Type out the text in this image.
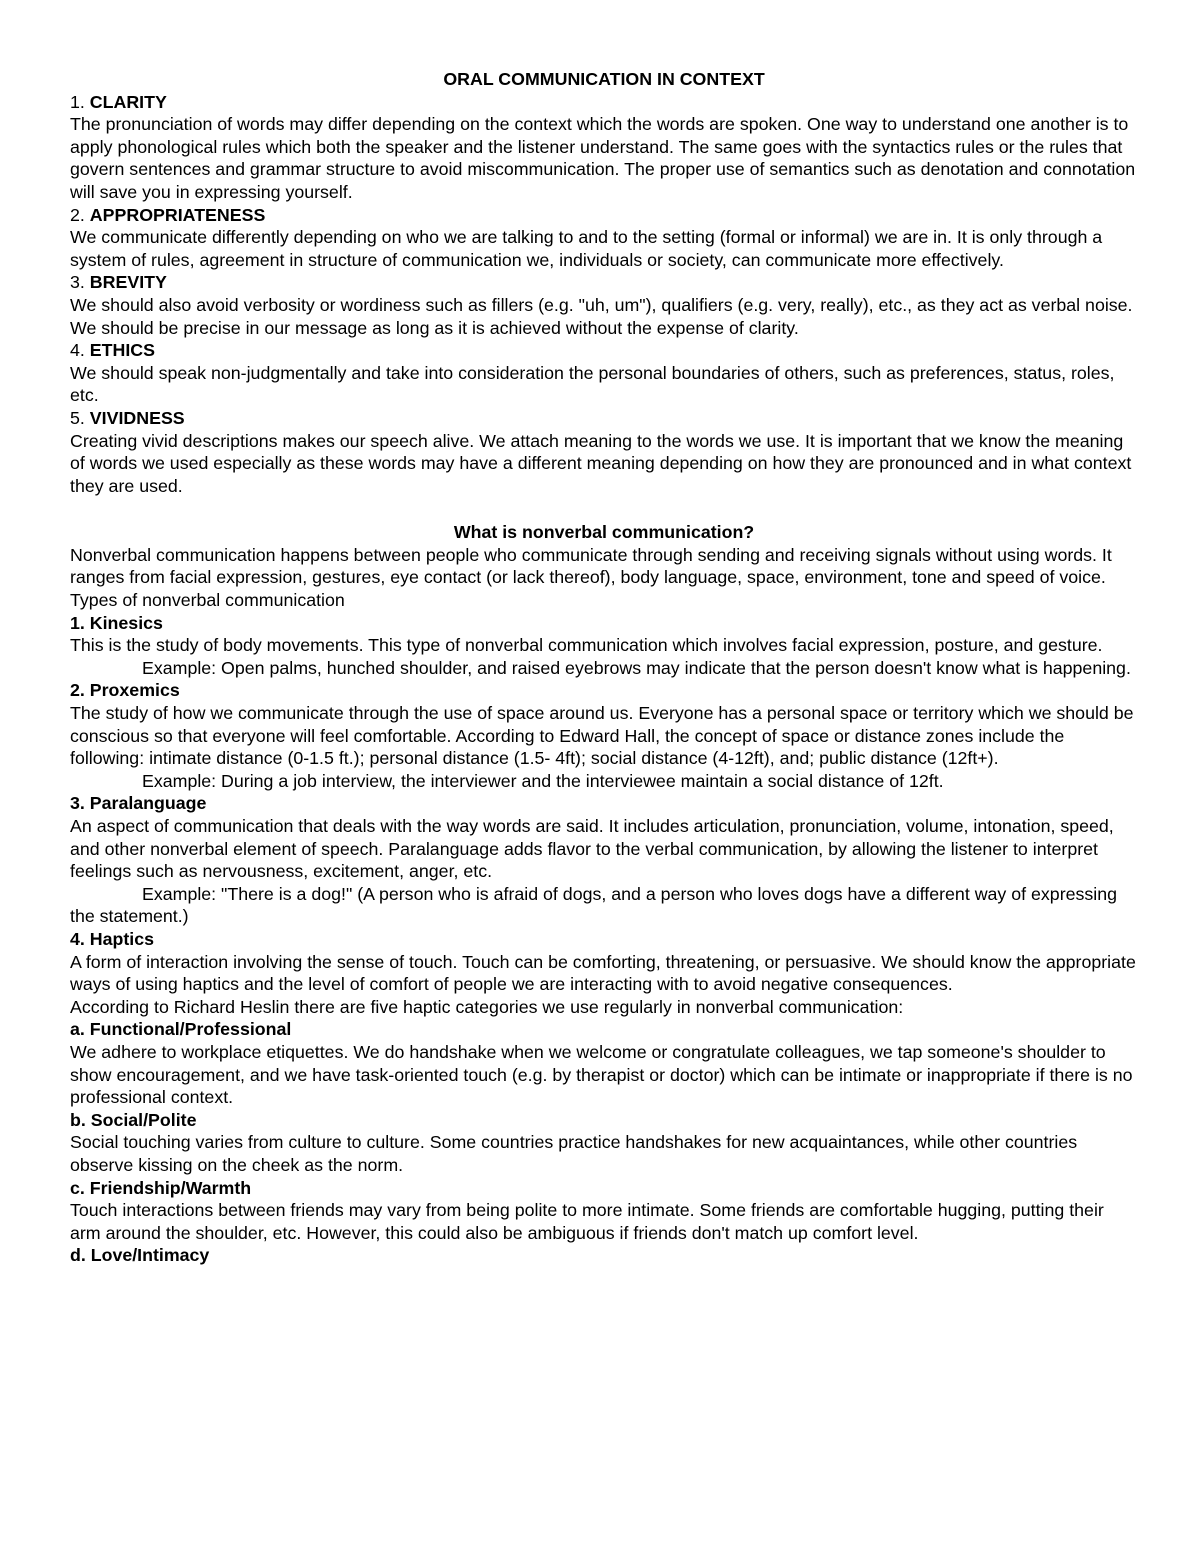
ORAL COMMUNICATION IN CONTEXT
1. CLARITY

The pronunciation of words may differ depending on the context which the words are spoken. One way to understand one another is to apply phonological rules which both the speaker and the listener understand. The same goes with the syntactics rules or the rules that govern sentences and grammar structure to avoid miscommunication. The proper use of semantics such as denotation and connotation will save you in expressing yourself.

2. APPROPRIATENESS

We communicate differently depending on who we are talking to and to the setting (formal or informal) we are in. It is only through a system of rules, agreement in structure of communication we, individuals or society, can communicate more effectively.

3. BREVITY

We should also avoid verbosity or wordiness such as fillers (e.g. "uh, um"), qualifiers (e.g. very, really), etc., as they act as verbal noise. We should be precise in our message as long as it is achieved without the expense of clarity.

4. ETHICS

We should speak non-judgmentally and take into consideration the personal boundaries of others, such as preferences, status, roles, etc.

5. VIVIDNESS

Creating vivid descriptions makes our speech alive. We attach meaning to the words we use. It is important that we know the meaning of words we used especially as these words may have a different meaning depending on how they are pronounced and in what context they are used.

What is nonverbal communication?

Nonverbal communication happens between people who communicate through sending and receiving signals without using words. It ranges from facial expression, gestures, eye contact (or lack thereof), body language, space, environment, tone and speed of voice.

Types of nonverbal communication

1. Kinesics

This is the study of body movements. This type of nonverbal communication which involves facial expression, posture, and gesture.

Example: Open palms, hunched shoulder, and raised eyebrows may indicate that the person doesn't know what is happening.

2. Proxemics

The study of how we communicate through the use of space around us. Everyone has a personal space or territory which we should be conscious so that everyone will feel comfortable. According to Edward Hall, the concept of space or distance zones include the following: intimate distance (0-1.5 ft.); personal distance (1.5- 4ft); social distance (4-12ft), and; public distance (12ft+).

Example: During a job interview, the interviewer and the interviewee maintain a social distance of 12ft.

3. Paralanguage

An aspect of communication that deals with the way words are said. It includes articulation, pronunciation, volume, intonation, speed, and other nonverbal element of speech. Paralanguage adds flavor to the verbal communication, by allowing the listener to interpret feelings such as nervousness, excitement, anger, etc.

Example: "There is a dog!" (A person who is afraid of dogs, and a person who loves dogs have a different way of expressing the statement.)

4. Haptics

A form of interaction involving the sense of touch. Touch can be comforting, threatening, or persuasive. We should know the appropriate ways of using haptics and the level of comfort of people we are interacting with to avoid negative consequences.

According to Richard Heslin there are five haptic categories we use regularly in nonverbal communication:

a. Functional/Professional

We adhere to workplace etiquettes. We do handshake when we welcome or congratulate colleagues, we tap someone's shoulder to show encouragement, and we have task-oriented touch (e.g. by therapist or doctor) which can be intimate or inappropriate if there is no professional context.

b. Social/Polite

Social touching varies from culture to culture. Some countries practice handshakes for new acquaintances, while other countries observe kissing on the cheek as the norm.

c. Friendship/Warmth

Touch interactions between friends may vary from being polite to more intimate. Some friends are comfortable hugging, putting their arm around the shoulder, etc. However, this could also be ambiguous if friends don't match up comfort level.

d. Love/Intimacy
